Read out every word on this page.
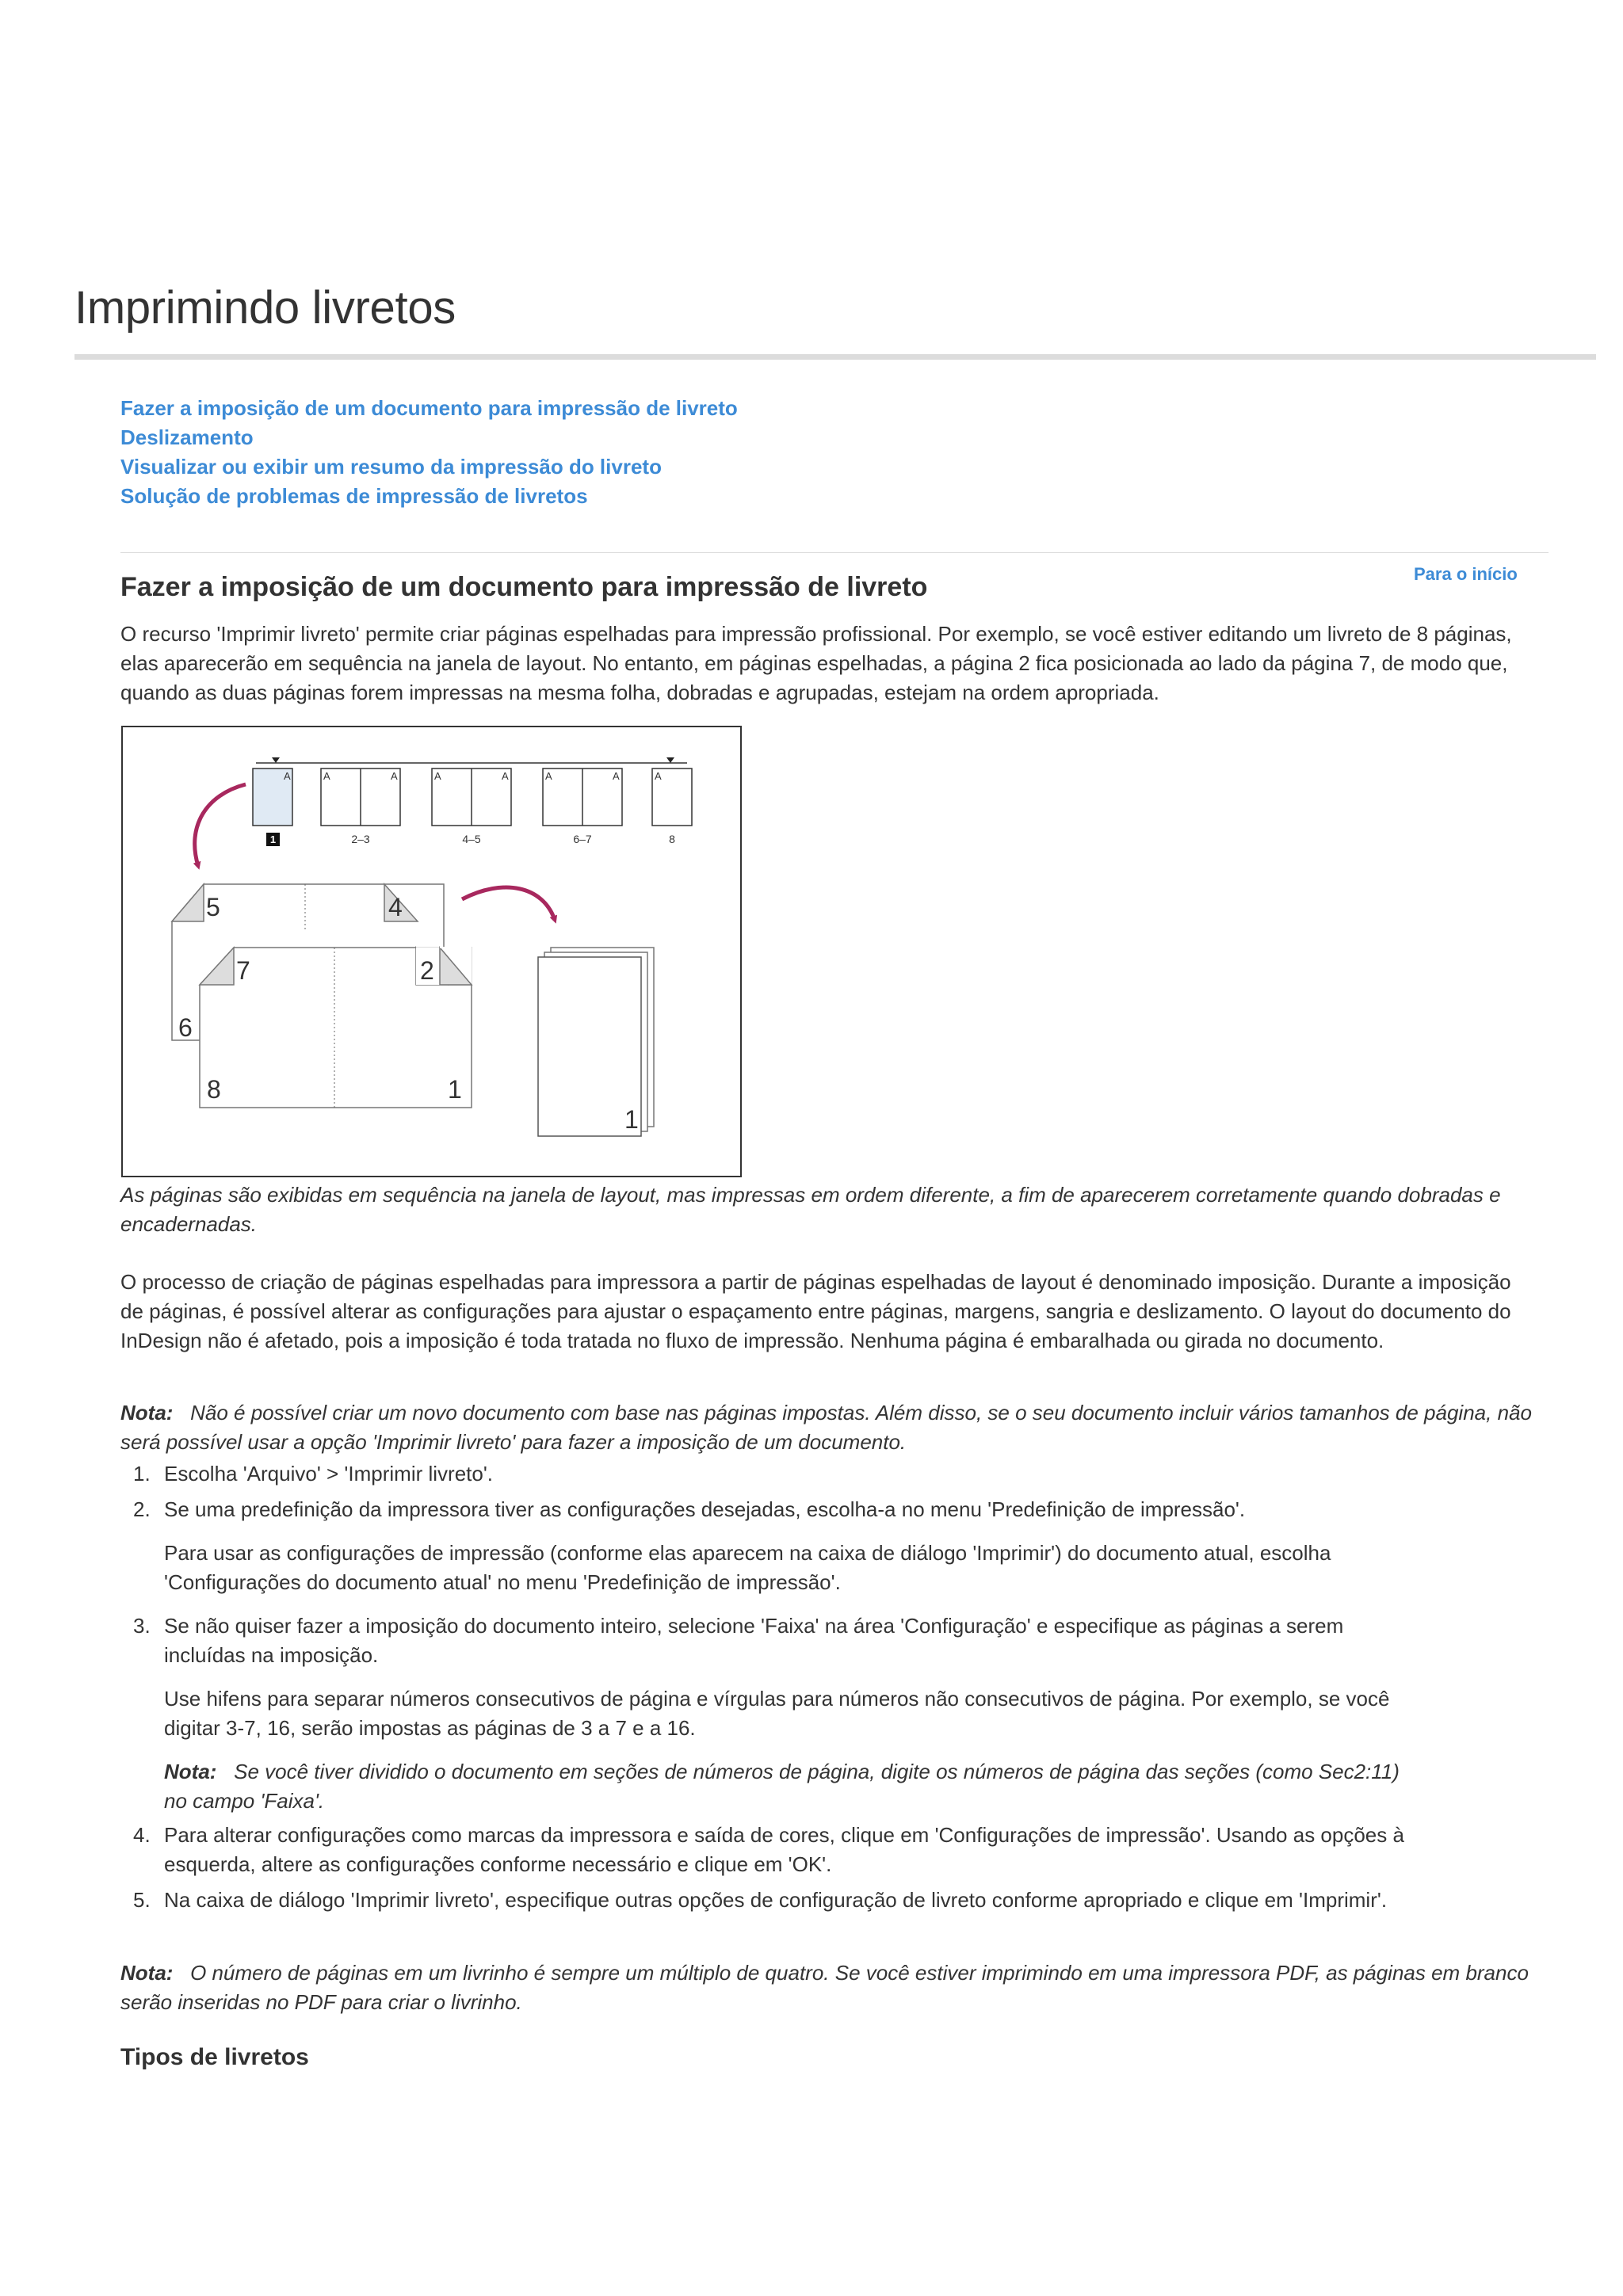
Imprimindo livretos
Fazer a imposição de um documento para impressão de livreto
Deslizamento
Visualizar ou exibir um resumo da impressão do livreto
Solução de problemas de impressão de livretos
Para o início
Fazer a imposição de um documento para impressão de livreto

O recurso 'Imprimir livreto' permite criar páginas espelhadas para impressão profissional. Por exemplo, se você estiver editando um livreto de 8 páginas, elas aparecerão em sequência na janela de layout. No entanto, em páginas espelhadas, a página 2 fica posicionada ao lado da página 7, de modo que, quando as duas páginas forem impressas na mesma folha, dobradas e agrupadas, estejam na ordem apropriada.

A	A	A	A	A	A	A	A
1	2–3	4–5	6–7	8
5	4
6
7	2
8	1
1

As páginas são exibidas em sequência na janela de layout, mas impressas em ordem diferente, a fim de aparecerem corretamente quando dobradas e encadernadas.

O processo de criação de páginas espelhadas para impressora a partir de páginas espelhadas de layout é denominado imposição. Durante a imposição de páginas, é possível alterar as configurações para ajustar o espaçamento entre páginas, margens, sangria e deslizamento. O layout do documento do InDesign não é afetado, pois a imposição é toda tratada no fluxo de impressão. Nenhuma página é embaralhada ou girada no documento.

Nota: Não é possível criar um novo documento com base nas páginas impostas. Além disso, se o seu documento incluir vários tamanhos de página, não será possível usar a opção 'Imprimir livreto' para fazer a imposição de um documento.

1. Escolha 'Arquivo' > 'Imprimir livreto'.
2. Se uma predefinição da impressora tiver as configurações desejadas, escolha-a no menu 'Predefinição de impressão'.

Para usar as configurações de impressão (conforme elas aparecem na caixa de diálogo 'Imprimir') do documento atual, escolha 'Configurações do documento atual' no menu 'Predefinição de impressão'.

3. Se não quiser fazer a imposição do documento inteiro, selecione 'Faixa' na área 'Configuração' e especifique as páginas a serem incluídas na imposição.

Use hifens para separar números consecutivos de página e vírgulas para números não consecutivos de página. Por exemplo, se você digitar 3-7, 16, serão impostas as páginas de 3 a 7 e a 16.

Nota: Se você tiver dividido o documento em seções de números de página, digite os números de página das seções (como Sec2:11) no campo 'Faixa'.

4. Para alterar configurações como marcas da impressora e saída de cores, clique em 'Configurações de impressão'. Usando as opções à esquerda, altere as configurações conforme necessário e clique em 'OK'.
5. Na caixa de diálogo 'Imprimir livreto', especifique outras opções de configuração de livreto conforme apropriado e clique em 'Imprimir'.

Nota: O número de páginas em um livrinho é sempre um múltiplo de quatro. Se você estiver imprimindo em uma impressora PDF, as páginas em branco serão inseridas no PDF para criar o livrinho.

Tipos de livretos
